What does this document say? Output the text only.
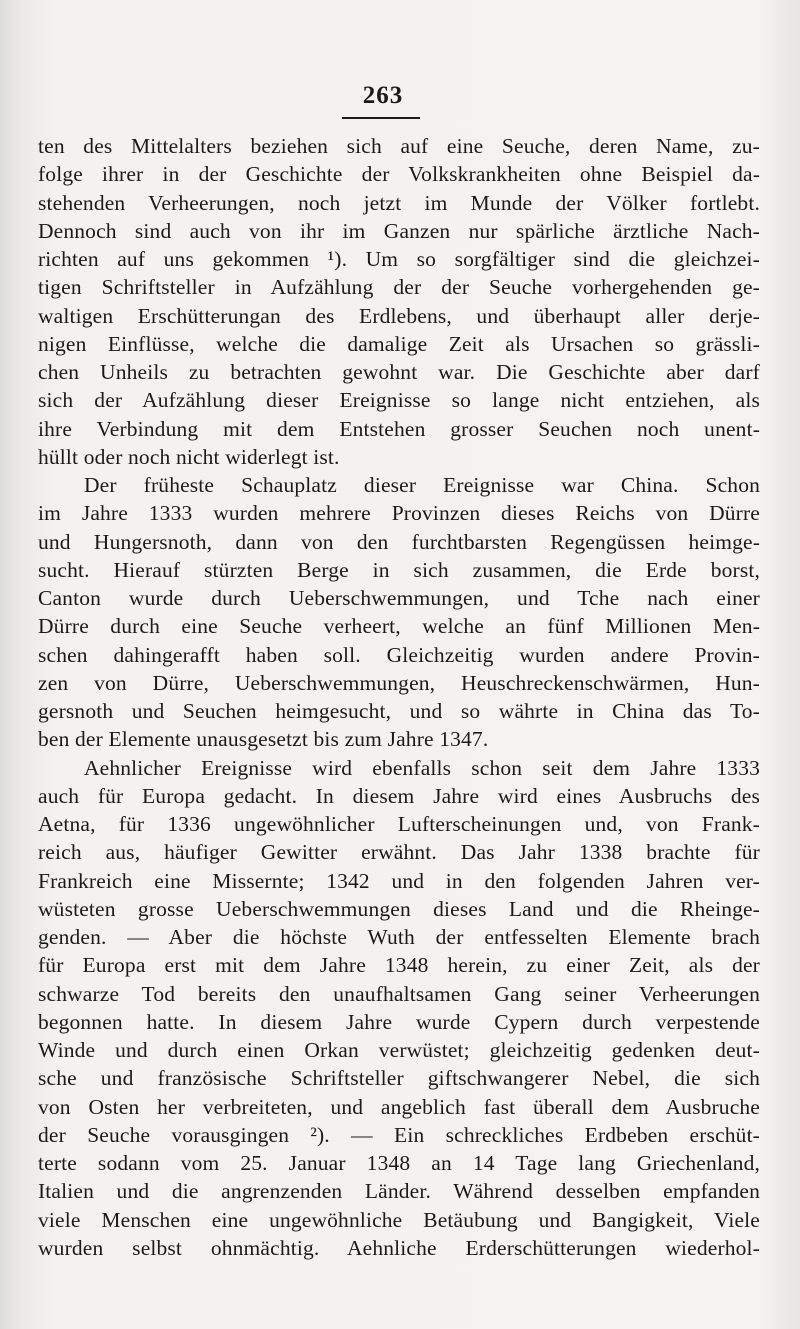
263
ten des Mittelalters beziehen sich auf eine Seuche, deren Name, zu-
folge ihrer in der Geschichte der Volkskrankheiten ohne Beispiel da-
stehenden Verheerungen, noch jetzt im Munde der Völker fortlebt.
Dennoch sind auch von ihr im Ganzen nur spärliche ärztliche Nach-
richten auf uns gekommen ¹). Um so sorgfältiger sind die gleichzei-
tigen Schriftsteller in Aufzählung der der Seuche vorhergehenden ge-
waltigen Erschütterungan des Erdlebens, und überhaupt aller derje-
nigen Einflüsse, welche die damalige Zeit als Ursachen so grässli-
chen Unheils zu betrachten gewohnt war. Die Geschichte aber darf
sich der Aufzählung dieser Ereignisse so lange nicht entziehen, als
ihre Verbindung mit dem Entstehen grosser Seuchen noch unent-
hüllt oder noch nicht widerlegt ist.
Der früheste Schauplatz dieser Ereignisse war China. Schon
im Jahre 1333 wurden mehrere Provinzen dieses Reichs von Dürre
und Hungersnoth, dann von den furchtbarsten Regengüssen heimge-
sucht. Hierauf stürzten Berge in sich zusammen, die Erde borst,
Canton wurde durch Ueberschwemmungen, und Tche nach einer
Dürre durch eine Seuche verheert, welche an fünf Millionen Men-
schen dahingerafft haben soll. Gleichzeitig wurden andere Provin-
zen von Dürre, Ueberschwemmungen, Heuschreckenschwärmen, Hun-
gersnoth und Seuchen heimgesucht, und so währte in China das To-
ben der Elemente unausgesetzt bis zum Jahre 1347.
Aehnlicher Ereignisse wird ebenfalls schon seit dem Jahre 1333
auch für Europa gedacht. In diesem Jahre wird eines Ausbruchs des
Aetna, für 1336 ungewöhnlicher Lufterscheinungen und, von Frank-
reich aus, häufiger Gewitter erwähnt. Das Jahr 1338 brachte für
Frankreich eine Missernte; 1342 und in den folgenden Jahren ver-
wüsteten grosse Ueberschwemmungen dieses Land und die Rheinge-
genden. — Aber die höchste Wuth der entfesselten Elemente brach
für Europa erst mit dem Jahre 1348 herein, zu einer Zeit, als der
schwarze Tod bereits den unaufhaltsamen Gang seiner Verheerungen
begonnen hatte. In diesem Jahre wurde Cypern durch verpestende
Winde und durch einen Orkan verwüstet; gleichzeitig gedenken deut-
sche und französische Schriftsteller giftschwangerer Nebel, die sich
von Osten her verbreiteten, und angeblich fast überall dem Ausbruche
der Seuche vorausgingen ²). — Ein schreckliches Erdbeben erschüt-
terte sodann vom 25. Januar 1348 an 14 Tage lang Griechenland,
Italien und die angrenzenden Länder. Während desselben empfanden
viele Menschen eine ungewöhnliche Betäubung und Bangigkeit, Viele
wurden selbst ohnmächtig. Aehnliche Erderschütterungen wiederhol-
